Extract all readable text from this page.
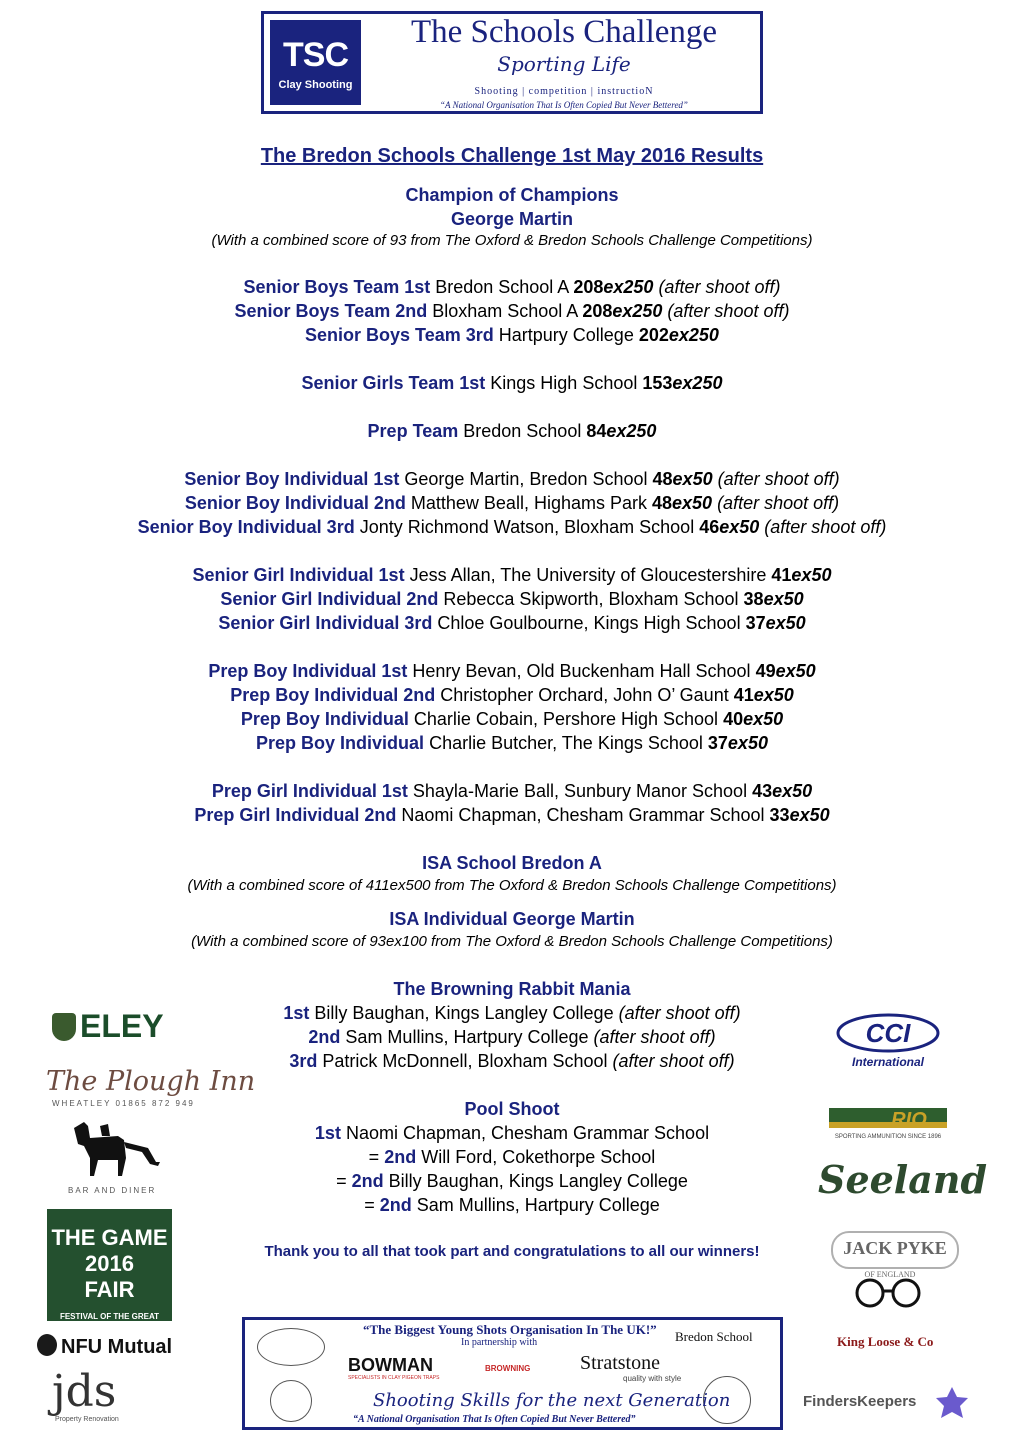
TSC
Clay Shooting
The Schools Challenge
Sporting Life
Shooting | competition | instructioN
“A National Organisation That Is Often Copied But Never Bettered”

The Bredon Schools Challenge 1st May 2016 Results

Champion of Champions

George Martin

(With a combined score of 93 from The Oxford & Bredon Schools Challenge Competitions)

Senior Boys Team 1st Bredon School A 208ex250 (after shoot off)

Senior Boys Team 2nd Bloxham School A 208ex250 (after shoot off)

Senior Boys Team 3rd Hartpury College 202ex250

Senior Girls Team 1st Kings High School 153ex250

Prep Team Bredon School 84ex250

Senior Boy Individual 1st George Martin, Bredon School 48ex50 (after shoot off)

Senior Boy Individual 2nd Matthew Beall, Highams Park 48ex50 (after shoot off)

Senior Boy Individual 3rd Jonty Richmond Watson, Bloxham School 46ex50 (after shoot off)

Senior Girl Individual 1st Jess Allan, The University of Gloucestershire 41ex50

Senior Girl Individual 2nd Rebecca Skipworth, Bloxham School 38ex50

Senior Girl Individual 3rd Chloe Goulbourne, Kings High School 37ex50

Prep Boy Individual 1st Henry Bevan, Old Buckenham Hall School 49ex50

Prep Boy Individual 2nd Christopher Orchard, John O’ Gaunt 41ex50

Prep Boy Individual Charlie Cobain, Pershore High School 40ex50

Prep Boy Individual Charlie Butcher, The Kings School 37ex50

Prep Girl Individual 1st Shayla-Marie Ball, Sunbury Manor School 43ex50

Prep Girl Individual 2nd Naomi Chapman, Chesham Grammar School 33ex50

ISA School Bredon A

(With a combined score of 411ex500 from The Oxford & Bredon Schools Challenge Competitions)

ISA Individual George Martin

(With a combined score of 93ex100 from The Oxford & Bredon Schools Challenge Competitions)

The Browning Rabbit Mania

1st Billy Baughan, Kings Langley College (after shoot off)

2nd Sam Mullins, Hartpury College (after shoot off)

3rd Patrick McDonnell, Bloxham School (after shoot off)

Pool Shoot

1st Naomi Chapman, Chesham Grammar School

= 2nd Will Ford, Cokethorpe School

= 2nd Billy Baughan, Kings Langley College

= 2nd Sam Mullins, Hartpury College

Thank you to all that took part and congratulations to all our winners!

ELEY
The Plough Inn
WHEATLEY 01865 872 949
BAR AND DINER
THE GAME 2016
FAIR
FESTIVAL OF THE GREAT BRITISH COUNTRYSIDE
NFU Mutual
jds
Property Renovation
CCI
International
RIO
SPORTING AMMUNITION SINCE 1896
Seeland
JACK PYKE
OF ENGLAND
King Loose & Co
FindersKeepers
“The Biggest Young Shots Organisation In The UK!”
In partnership with	Bredon School
BOWMAN
SPECIALISTS IN CLAY PIGEON TRAPS
BROWNING Stratstone
quality with style
Shooting Skills for the next Generation
“A National Organisation That Is Often Copied But Never Bettered”
